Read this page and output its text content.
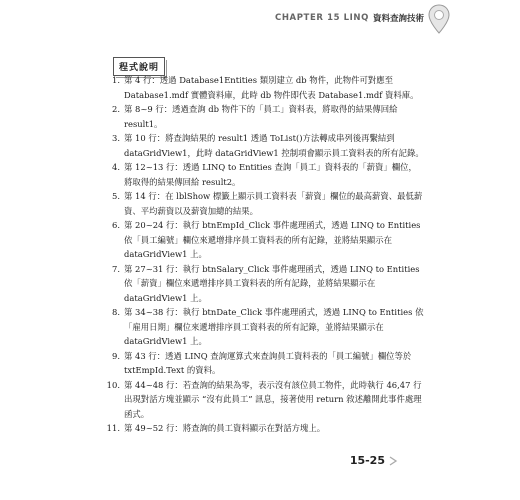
CHAPTER 15 LINQ 資料查詢技術
程式說明
1. 第 4 行：透過 Database1Entities 類別建立 db 物件，此物件可對應至 Database1.mdf 實體資料庫，此時 db 物件即代表 Database1.mdf 資料庫。
2. 第 8~9 行：透過查詢 db 物件下的「員工」資料表，將取得的結果傳回給 result1。
3. 第 10 行：將查詢結果的 result1 透過 ToList()方法轉成串列後再繫結到 dataGridView1，此時 dataGridView1 控制項會顯示員工資料表的所有記錄。
4. 第 12~13 行：透過 LINQ to Entities 查詢「員工」資料表的「薪資」欄位，將取得的結果傳回給 result2。
5. 第 14 行：在 lblShow 標籤上顯示員工資料表「薪資」欄位的最高薪資、最低薪資、平均薪資以及薪資加總的結果。
6. 第 20~24 行：執行 btnEmpId_Click 事件處理函式，透過 LINQ to Entities 依「員工編號」欄位來遞增排序員工資料表的所有記錄，並將結果顯示在 dataGridView1 上。
7. 第 27~31 行：執行 btnSalary_Click 事件處理函式，透過 LINQ to Entities 依「薪資」欄位來遞增排序員工資料表的所有記錄，並將結果顯示在 dataGridView1 上。
8. 第 34~38 行：執行 btnDate_Click 事件處理函式，透過 LINQ to Entities 依「雇用日期」欄位來遞增排序員工資料表的所有記錄，並將結果顯示在 dataGridView1 上。
9. 第 43 行：透過 LINQ 查詢運算式來查詢員工資料表的「員工編號」欄位等於 txtEmpId.Text 的資料。
10. 第 44~48 行：若查詢的結果為零，表示沒有該位員工物件，此時執行 46,47 行出現對話方塊並顯示 “沒有此員工” 訊息，接著使用 return 敘述離開此事件處理函式。
11. 第 49~52 行：將查詢的員工資料顯示在對話方塊上。
15-25
